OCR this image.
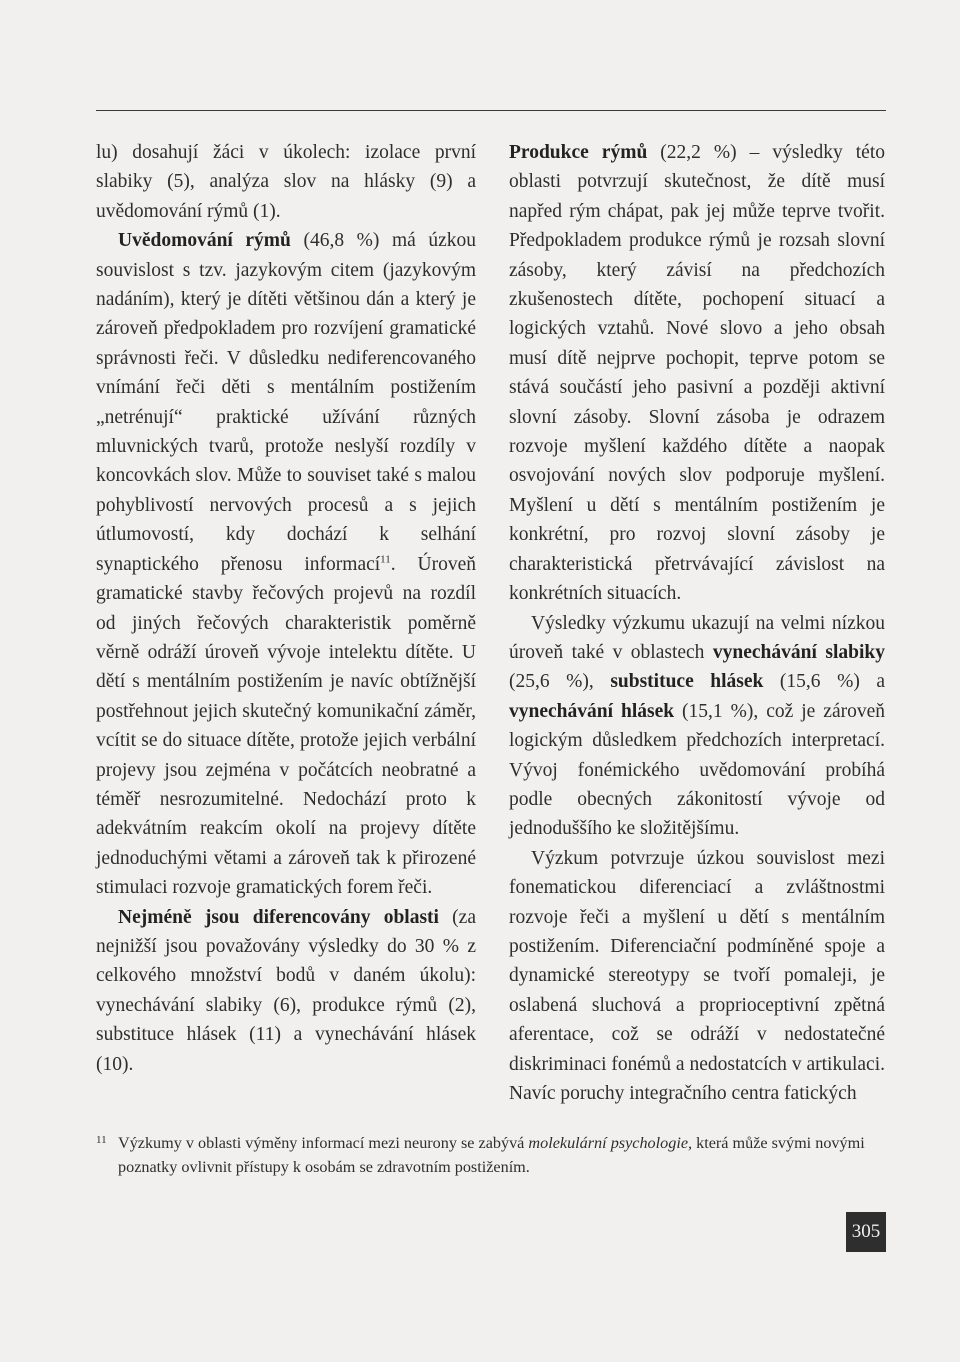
lu) dosahují žáci v úkolech: izolace první slabiky (5), analýza slov na hlásky (9) a uvědomování rýmů (1).

Uvědomování rýmů (46,8 %) má úzkou souvislost s tzv. jazykovým citem (jazykovým nadáním), který je dítěti většinou dán a který je zároveň předpokladem pro rozvíjení gramatické správnosti řeči. V důsledku nediferencovaného vnímání řeči děti s mentálním postižením „netrénují“ praktické užívání různých mluvnických tvarů, protože neslyší rozdíly v koncovkách slov. Může to souviset také s malou pohyblivostí nervových procesů a s jejich útlumovostí, kdy dochází k selhání synaptického přenosu informací$^{11}$. Úroveň gramatické stavby řečových projevů na rozdíl od jiných řečových charakteristik poměrně věrně odráží úroveň vývoje intelektu dítěte. U dětí s mentálním postižením je navíc obtížnější postřehnout jejich skutečný komunikační záměr, vcítit se do situace dítěte, protože jejich verbální projevy jsou zejména v počátcích neobratné a téměř nesrozumitelné. Nedochází proto k adekvátním reakcím okolí na projevy dítěte jednoduchými větami a zároveň tak k přirozené stimulaci rozvoje gramatických forem řeči.

Nejméně jsou diferencovány oblasti (za nejnižší jsou považovány výsledky do 30 % z celkového množství bodů v daném úkolu): vynechávání slabiky (6), produkce rýmů (2), substituce hlásek (11) a vynechávání hlásek (10).

Produkce rýmů (22,2 %) – výsledky této oblasti potvrzují skutečnost, že dítě musí napřed rým chápat, pak jej může teprve tvořit. Předpokladem produkce rýmů je rozsah slovní zásoby, který závisí na předchozích zkušenostech dítěte, pochopení situací a logických vztahů. Nové slovo a jeho obsah musí dítě nejprve pochopit, teprve potom se stává součástí jeho pasivní a později aktivní slovní zásoby. Slovní zásoba je odrazem rozvoje myšlení každého dítěte a naopak osvojování nových slov podporuje myšlení. Myšlení u dětí s mentálním postižením je konkrétní, pro rozvoj slovní zásoby je charakteristická přetrvávající závislost na konkrétních situacích.

Výsledky výzkumu ukazují na velmi nízkou úroveň také v oblastech vynechávání slabiky (25,6 %), substituce hlásek (15,6 %) a vynechávání hlásek (15,1 %), což je zároveň logickým důsledkem předchozích interpretací. Vývoj fonémického uvědomování probíhá podle obecných zákonitostí vývoje od jednoduššího ke složitějšímu.

Výzkum potvrzuje úzkou souvislost mezi fonematickou diferenciací a zvláštnostmi rozvoje řeči a myšlení u dětí s mentálním postižením. Diferenciační podmíněné spoje a dynamické stereotypy se tvoří pomaleji, je oslabená sluchová a proprioceptivní zpětná aferentace, což se odráží v nedostatečné diskriminaci fonémů a nedostatcích v artikulaci. Navíc poruchy integračního centra fatických

11 Výzkumy v oblasti výměny informací mezi neurony se zabývá molekulární psychologie, která může svými novými poznatky ovlivnit přístupy k osobám se zdravotním postižením.
305
